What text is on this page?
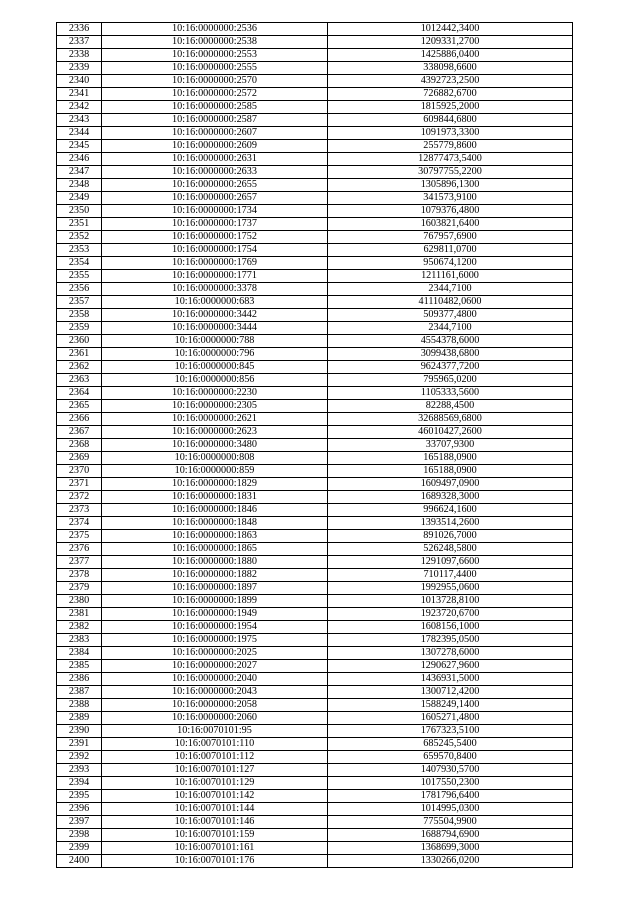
2336	10:16:0000000:2536	1012442,3400
2337	10:16:0000000:2538	1209331,2700
2338	10:16:0000000:2553	1425886,0400
2339	10:16:0000000:2555	338098,6600
2340	10:16:0000000:2570	4392723,2500
2341	10:16:0000000:2572	726882,6700
2342	10:16:0000000:2585	1815925,2000
2343	10:16:0000000:2587	609844,6800
2344	10:16:0000000:2607	1091973,3300
2345	10:16:0000000:2609	255779,8600
2346	10:16:0000000:2631	12877473,5400
2347	10:16:0000000:2633	30797755,2200
2348	10:16:0000000:2655	1305896,1300
2349	10:16:0000000:2657	341573,9100
2350	10:16:0000000:1734	1079376,4800
2351	10:16:0000000:1737	1603821,6400
2352	10:16:0000000:1752	767957,6900
2353	10:16:0000000:1754	629811,0700
2354	10:16:0000000:1769	950674,1200
2355	10:16:0000000:1771	1211161,6000
2356	10:16:0000000:3378	2344,7100
2357	10:16:0000000:683	41110482,0600
2358	10:16:0000000:3442	509377,4800
2359	10:16:0000000:3444	2344,7100
2360	10:16:0000000:788	4554378,6000
2361	10:16:0000000:796	3099438,6800
2362	10:16:0000000:845	9624377,7200
2363	10:16:0000000:856	795965,0200
2364	10:16:0000000:2230	1105333,5600
2365	10:16:0000000:2305	82288,4500
2366	10:16:0000000:2621	32688569,6800
2367	10:16:0000000:2623	46010427,2600
2368	10:16:0000000:3480	33707,9300
2369	10:16:0000000:808	165188,0900
2370	10:16:0000000:859	165188,0900
2371	10:16:0000000:1829	1609497,0900
2372	10:16:0000000:1831	1689328,3000
2373	10:16:0000000:1846	996624,1600
2374	10:16:0000000:1848	1393514,2600
2375	10:16:0000000:1863	891026,7000
2376	10:16:0000000:1865	526248,5800
2377	10:16:0000000:1880	1291097,6600
2378	10:16:0000000:1882	710117,4400
2379	10:16:0000000:1897	1992955,0600
2380	10:16:0000000:1899	1013728,8100
2381	10:16:0000000:1949	1923720,6700
2382	10:16:0000000:1954	1608156,1000
2383	10:16:0000000:1975	1782395,0500
2384	10:16:0000000:2025	1307278,6000
2385	10:16:0000000:2027	1290627,9600
2386	10:16:0000000:2040	1436931,5000
2387	10:16:0000000:2043	1300712,4200
2388	10:16:0000000:2058	1588249,1400
2389	10:16:0000000:2060	1605271,4800
2390	10:16:0070101:95	1767323,5100
2391	10:16:0070101:110	685245,5400
2392	10:16:0070101:112	659570,8400
2393	10:16:0070101:127	1407930,5700
2394	10:16:0070101:129	1017550,2300
2395	10:16:0070101:142	1781796,6400
2396	10:16:0070101:144	1014995,0300
2397	10:16:0070101:146	775504,9900
2398	10:16:0070101:159	1688794,6900
2399	10:16:0070101:161	1368699,3000
2400	10:16:0070101:176	1330266,0200
